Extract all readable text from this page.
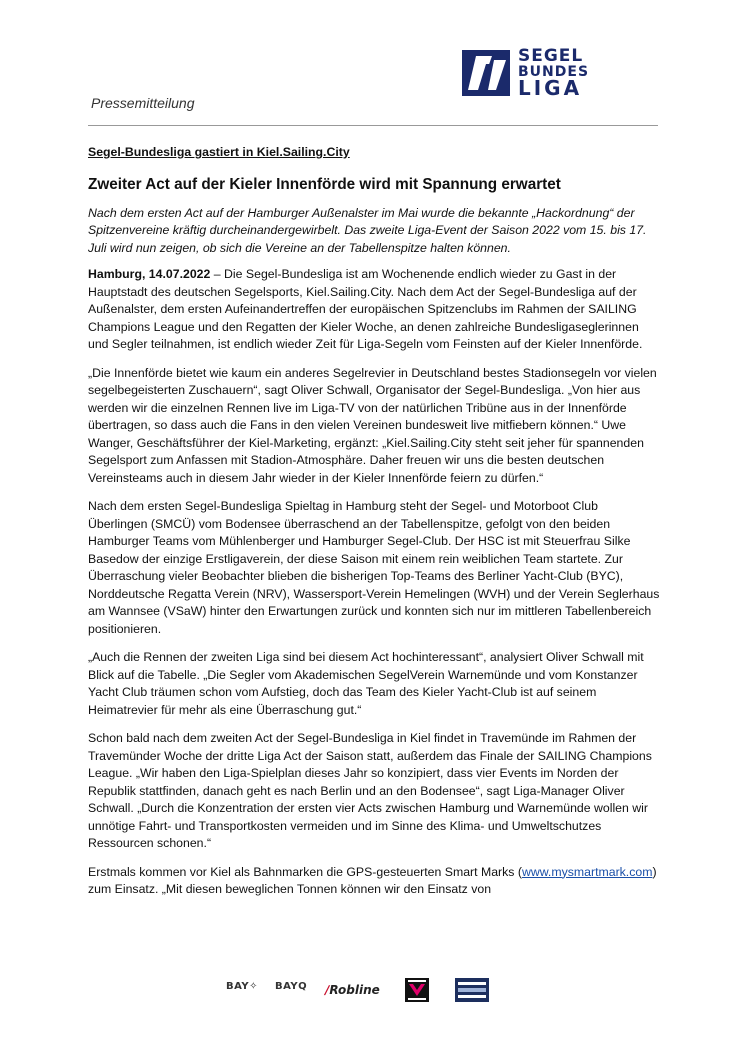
SEGEL
BUNDES
LIGA
Pressemitteilung
Segel-Bundesliga gastiert in Kiel.Sailing.City
Zweiter Act auf der Kieler Innenförde wird mit Spannung erwartet

Nach dem ersten Act auf der Hamburger Außenalster im Mai wurde die bekannte „Hackordnung“ der Spitzenvereine kräftig durcheinandergewirbelt. Das zweite Liga-Event der Saison 2022 vom 15. bis 17. Juli wird nun zeigen, ob sich die Vereine an der Tabellenspitze halten können.

Hamburg, 14.07.2022 – Die Segel-Bundesliga ist am Wochenende endlich wieder zu Gast in der Hauptstadt des deutschen Segelsports, Kiel.Sailing.City. Nach dem Act der Segel-Bundesliga auf der Außenalster, dem ersten Aufeinandertreffen der europäischen Spitzenclubs im Rahmen der SAILING Champions League und den Regatten der Kieler Woche, an denen zahlreiche Bundesligaseglerinnen und Segler teilnahmen, ist endlich wieder Zeit für Liga-Segeln vom Feinsten auf der Kieler Innenförde.

„Die Innenförde bietet wie kaum ein anderes Segelrevier in Deutschland bestes Stadionsegeln vor vielen segelbegeisterten Zuschauern“, sagt Oliver Schwall, Organisator der Segel-Bundesliga. „Von hier aus werden wir die einzelnen Rennen live im Liga-TV von der natürlichen Tribüne aus in der Innenförde übertragen, so dass auch die Fans in den vielen Vereinen bundesweit live mitfiebern können.“ Uwe Wanger, Geschäftsführer der Kiel-Marketing, ergänzt: „Kiel.Sailing.City steht seit jeher für spannenden Segelsport zum Anfassen mit Stadion-Atmosphäre. Daher freuen wir uns die besten deutschen Vereinsteams auch in diesem Jahr wieder in der Kieler Innenförde feiern zu dürfen.“

Nach dem ersten Segel-Bundesliga Spieltag in Hamburg steht der Segel- und Motorboot Club Überlingen (SMCÜ) vom Bodensee überraschend an der Tabellenspitze, gefolgt von den beiden Hamburger Teams vom Mühlenberger und Hamburger Segel-Club. Der HSC ist mit Steuerfrau Silke Basedow der einzige Erstligaverein, der diese Saison mit einem rein weiblichen Team startete. Zur Überraschung vieler Beobachter blieben die bisherigen Top-Teams des Berliner Yacht-Club (BYC), Norddeutsche Regatta Verein (NRV), Wassersport-Verein Hemelingen (WVH) und der Verein Seglerhaus am Wannsee (VSaW) hinter den Erwartungen zurück und konnten sich nur im mittleren Tabellenbereich positionieren.

„Auch die Rennen der zweiten Liga sind bei diesem Act hochinteressant“, analysiert Oliver Schwall mit Blick auf die Tabelle. „Die Segler vom Akademischen SegelVerein Warnemünde und vom Konstanzer Yacht Club träumen schon vom Aufstieg, doch das Team des Kieler Yacht-Club ist auf seinem Heimatrevier für mehr als eine Überraschung gut.“

Schon bald nach dem zweiten Act der Segel-Bundesliga in Kiel findet in Travemünde im Rahmen der Travemünder Woche der dritte Liga Act der Saison statt, außerdem das Finale der SAILING Champions League. „Wir haben den Liga-Spielplan dieses Jahr so konzipiert, dass vier Events im Norden der Republik stattfinden, danach geht es nach Berlin und an den Bodensee“, sagt Liga-Manager Oliver Schwall. „Durch die Konzentration der ersten vier Acts zwischen Hamburg und Warnemünde wollen wir unnötige Fahrt- und Transportkosten vermeiden und im Sinne des Klima- und Umweltschutzes Ressourcen schonen.“

Erstmals kommen vor Kiel als Bahnmarken die GPS-gesteuerten Smart Marks (www.mysmartmark.com) zum Einsatz. „Mit diesen beweglichen Tonnen können wir den Einsatz von

BAY✧ BAYQ ∕Robline
